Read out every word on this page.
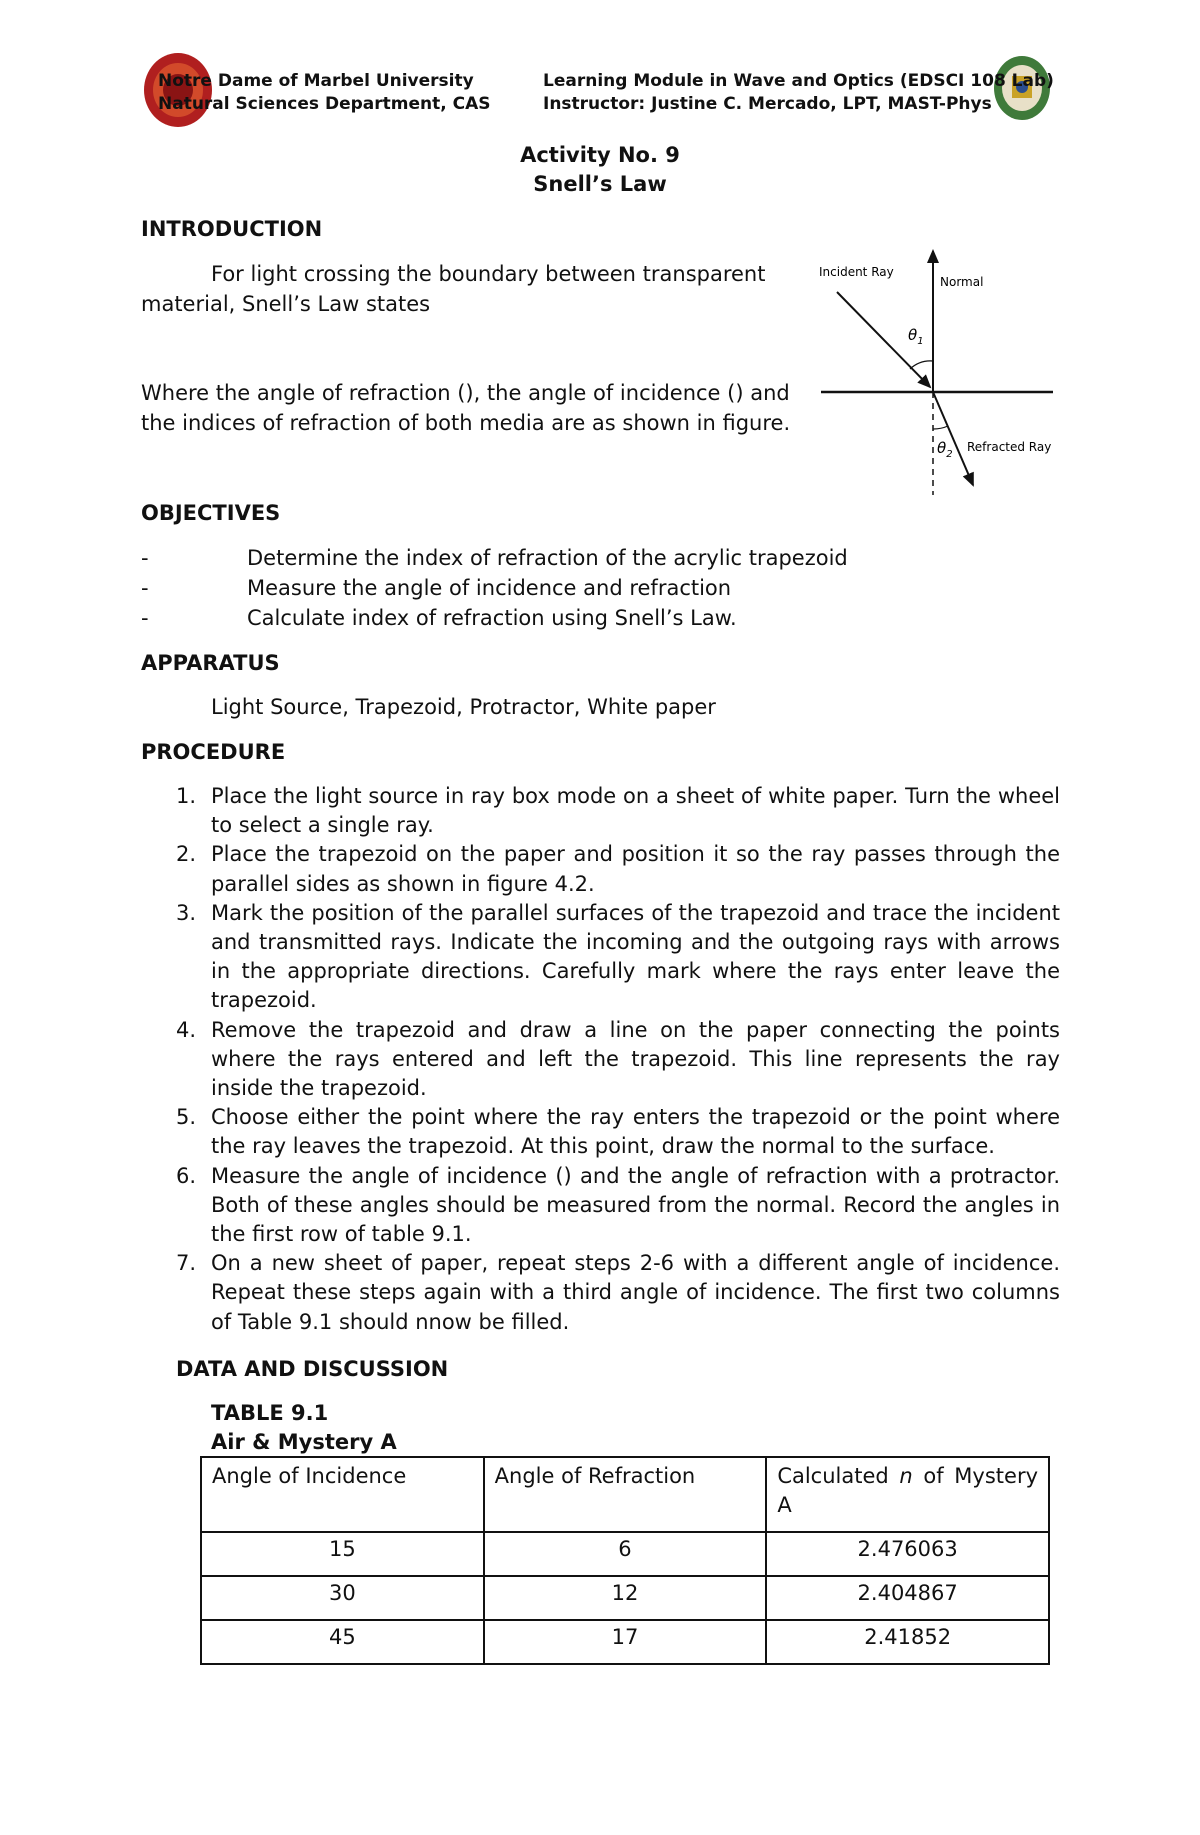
Notre Dame of Marbel University
Natural Sciences Department, CAS
Learning Module in Wave and Optics (EDSCI 108 Lab)
Instructor: Justine C. Mercado, LPT, MAST-Phys
Activity No. 9
Snell’s Law
INTRODUCTION
For light crossing the boundary between transparent
material, Snell’s Law states
Where the angle of refraction (), the angle of incidence () and
the indices of refraction of both media are as shown in figure.
Incident Ray
Normal
Refracted Ray
$\theta_1$
$\theta_2$
OBJECTIVES
-	Determine the index of refraction of the acrylic trapezoid
-	Measure the angle of incidence and refraction
-	Calculate index of refraction using Snell’s Law.
APPARATUS
Light Source, Trapezoid, Protractor, White paper
PROCEDURE
1. Place the light source in ray box mode on a sheet of white paper. Turn the wheel to select a single ray.
2. Place the trapezoid on the paper and position it so the ray passes through the parallel sides as shown in figure 4.2.
3. Mark the position of the parallel surfaces of the trapezoid and trace the incident and transmitted rays. Indicate the incoming and the outgoing rays with arrows in the appropriate directions. Carefully mark where the rays enter leave the trapezoid.
4. Remove the trapezoid and draw a line on the paper connecting the points where the rays entered and left the trapezoid. This line represents the ray inside the trapezoid.
5. Choose either the point where the ray enters the trapezoid or the point where the ray leaves the trapezoid. At this point, draw the normal to the surface.
6. Measure the angle of incidence () and the angle of refraction with a protractor. Both of these angles should be measured from the normal. Record the angles in the first row of table 9.1.
7. On a new sheet of paper, repeat steps 2-6 with a different angle of incidence. Repeat these steps again with a third angle of incidence. The first two columns of Table 9.1 should nnow be filled.
DATA AND DISCUSSION
TABLE 9.1
Air & Mystery A
Angle of Incidence	Angle of Refraction	Calculated n of Mystery A
15	6	2.476063
30	12	2.404867
45	17	2.41852
